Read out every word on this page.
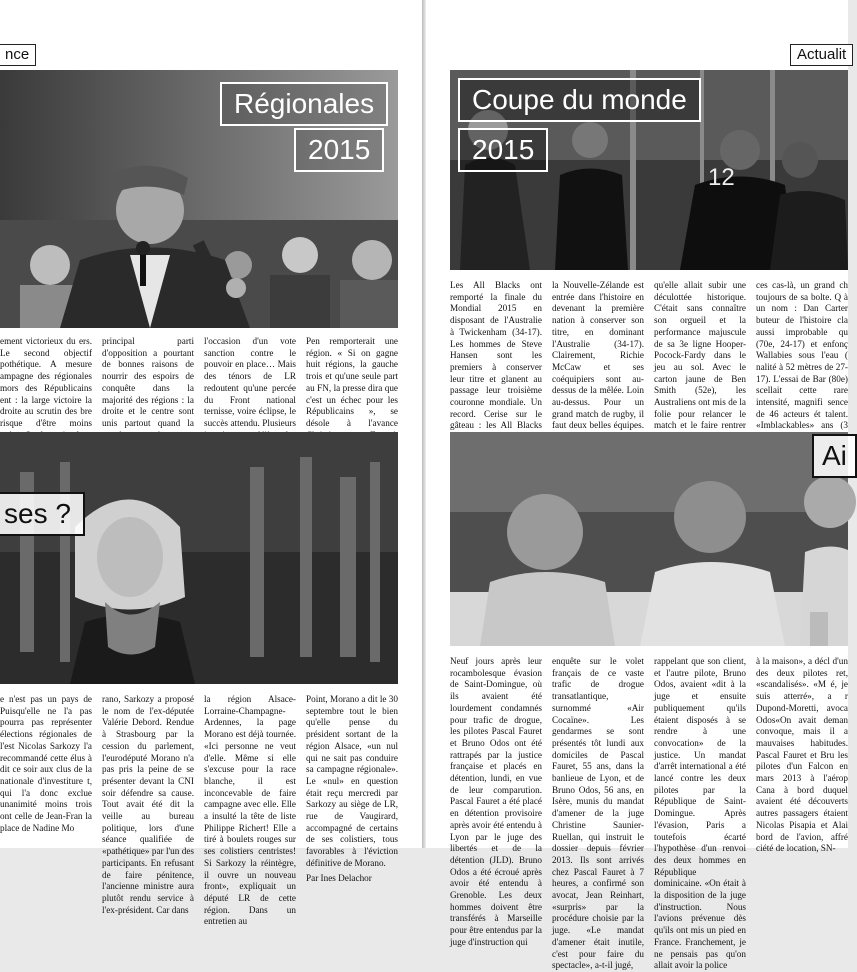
nce
Régionales
2015
ement victorieux du ers. Le second objectif pothétique. A mesure ampagne des régionales mors des Républicains ent : la large victoire la droite au scrutin des bre risque d'être moins
principal parti d'opposition a pourtant de bonnes raisons de nourrir des espoirs de conquête dans la majorité des régions : la droite et le centre sont unis partout quand la
l'occasion d'un vote sanction contre le pouvoir en place… Mais des ténors de LR redoutent qu'une percée du Front national ternisse, voire éclipse, le succès attendu. Plusieurs
Pen remporterait une région. « Si on gagne huit régions, la gauche trois et qu'une seule part au FN, la presse dira que c'est un échec pour les Républicains », se désole à l'avance
ses ?
e n'est pas un pays de Puisqu'elle ne l'a pas pourra pas représenter élections régionales de l'est Nicolas Sarkozy l'a recommandé cette élus à dit ce soir aux clus de la nationale d'investiture t, qui l'a donc exclue unanimité moins trois ont celle de Jean-Fran la place de Nadine Mo
rano, Sarkozy a proposé le nom de l'ex-députée Valérie Debord. Rendue à Strasbourg par la cession du parlement, l'eurodéputé Morano n'a pas pris la peine de se présenter devant la CNI soir défendre sa cause. Tout avait été dit la veille au bureau politique, lors d'une séance qualifiée de «pathétique» par l'un des participants. En refusant de faire pénitence, l'ancienne ministre aura plutôt rendu service à l'ex-président. Car dans
la région Alsace-Lorraine-Champagne-Ardennes, la page Morano est déjà tournée. «Ici personne ne veut d'elle. Même si elle s'excuse pour la race blanche, il est inconcevable de faire campagne avec elle. Elle a insulté la tête de liste Philippe Richert! Elle a tiré à boulets rouges sur ses colistiers centristes! Si Sarkozy la réintègre, il ouvre un nouveau front», expliquait un député LR de cette région. Dans un entretien au
Point, Morano a dit le 30 septembre tout le bien qu'elle pense du président sortant de la région Alsace, «un nul qui ne sait pas conduire sa campagne régionale». Le «nul» en question était reçu mercredi par Sarkozy au siège de LR, rue de Vaugirard, accompagné de certains de ses colistiers, tous favorables à l'éviction définitive de Morano.
Par Ines Delachor
Actualit
12
Coupe du monde
2015
Les All Blacks ont remporté la finale du Mondial 2015 en disposant de l'Australie à Twickenham (34-17). Les hommes de Steve Hansen sont les premiers à conserver leur titre et glanent au passage leur troisième couronne mondiale. Un record. Cerise sur le gâteau : les All Blacks
la Nouvelle-Zélande est entrée dans l'histoire en devenant la première nation à conserver son titre, en dominant l'Australie (34-17). Clairement, Richie McCaw et ses coéquipiers sont au-dessus de la mêlée. Loin au-dessus. Pour un grand match de rugby, il faut deux belles équipes.
qu'elle allait subir une déculottée historique. C'était sans connaître son orgueil et la performance majuscule de sa 3e ligne Hooper-Pocock-Fardy dans le jeu au sol. Avec le carton jaune de Ben Smith (52e), les Australiens ont mis de la folie pour relancer le match et le faire rentrer
ces cas-là, un grand ch toujours de sa bolte. Q à un nom : Dan Carter buteur de l'histoire cla aussi improbable qu (70e, 24-17) et enfonç Wallabies sous l'eau ( nalité à 52 mètres de 27-17). L'essai de Bar (80e) scellait cette rare intensité, magnifi sence de 46 acteurs ét talent. «Imblackables» ans (3
Ai
Neuf jours après leur rocambolesque évasion de Saint-Domingue, où ils avaient été lourdement condamnés pour trafic de drogue, les pilotes Pascal Fauret et Bruno Odos ont été rattrapés par la justice française et placés en détention, lundi, en vue de leur comparution. Pascal Fauret a été placé en détention provisoire après avoir été entendu à Lyon par le juge des libertés et de la détention (JLD). Bruno Odos a été écroué après avoir été entendu à Grenoble. Les deux hommes doivent être transférés à Marseille pour être entendus par la juge d'instruction qui
enquête sur le volet français de ce vaste trafic de drogue transatlantique, surnommé «Air Cocaïne». Les gendarmes se sont présentés tôt lundi aux domiciles de Pascal Fauret, 55 ans, dans la banlieue de Lyon, et de Bruno Odos, 56 ans, en Isère, munis du mandat d'amener de la juge Christine Saunier-Ruellan, qui instruit le dossier depuis février 2013. Ils sont arrivés chez Pascal Fauret à 7 heures, a confirmé son avocat, Jean Reinhart, «surpris» par la procédure choisie par la juge. «Le mandat d'amener était inutile, c'est pour faire du spectacle», a-t-il jugé,
rappelant que son client, et l'autre pilote, Bruno Odos, avaient «dit à la juge et ensuite publiquement qu'ils étaient disposés à se rendre à une convocation» de la justice. Un mandat d'arrêt international a été lancé contre les deux pilotes par la République de Saint-Domingue. Après l'évasion, Paris a toutefois écarté l'hypothèse d'un renvoi des deux hommes en République dominicaine. «On était à la disposition de la juge d'instruction. Nous l'avions prévenue dès qu'ils ont mis un pied en France. Franchement, je ne pensais pas qu'on allait avoir la police
à la maison», a décl d'un des deux pilotes ret, «scandalisés». «M é, je suis atterré», a r Dupond-Moretti, avoca Odos«On avait deman convoque, mais il a mauvaises habitudes. Pascal Fauret et Bru les pilotes d'un Falcon en mars 2013 à l'aérop Cana à bord duquel avaient été découverts autres passagers étaient Nicolas Pisapia et Alai bord de l'avion, affré ciété de location, SN-
